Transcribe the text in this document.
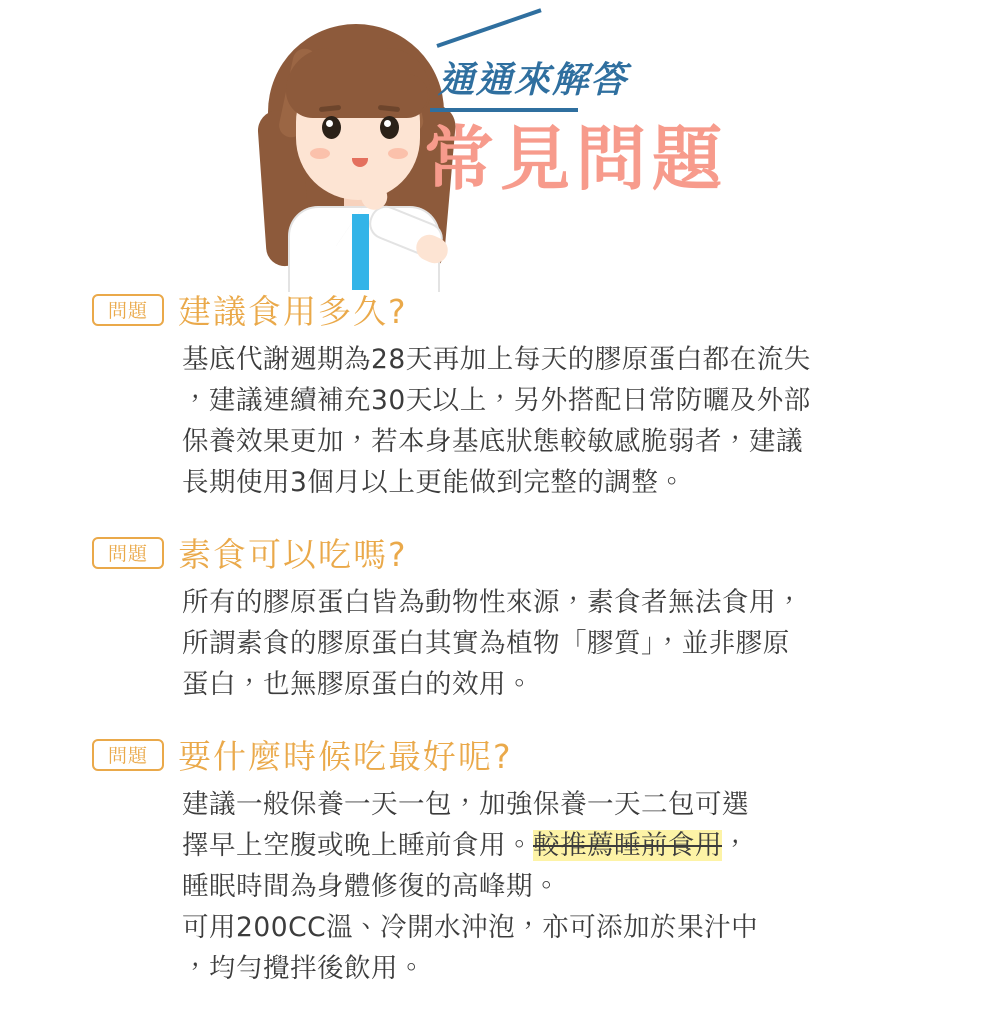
通通來解答
常見問題
問題 建議食用多久?
基底代謝週期為28天再加上每天的膠原蛋白都在流失
，建議連續補充30天以上，另外搭配日常防曬及外部
保養效果更加，若本身基底狀態較敏感脆弱者，建議
長期使用3個月以上更能做到完整的調整。
問題 素食可以吃嗎?
所有的膠原蛋白皆為動物性來源，素食者無法食用，
所謂素食的膠原蛋白其實為植物「膠質」，並非膠原
蛋白，也無膠原蛋白的效用。
問題 要什麼時候吃最好呢?
建議一般保養一天一包，加強保養一天二包可選
擇早上空腹或晚上睡前食用。較推薦睡前食用，
睡眠時間為身體修復的高峰期。
可用200CC溫、冷開水沖泡，亦可添加於果汁中
，均勻攪拌後飲用。
